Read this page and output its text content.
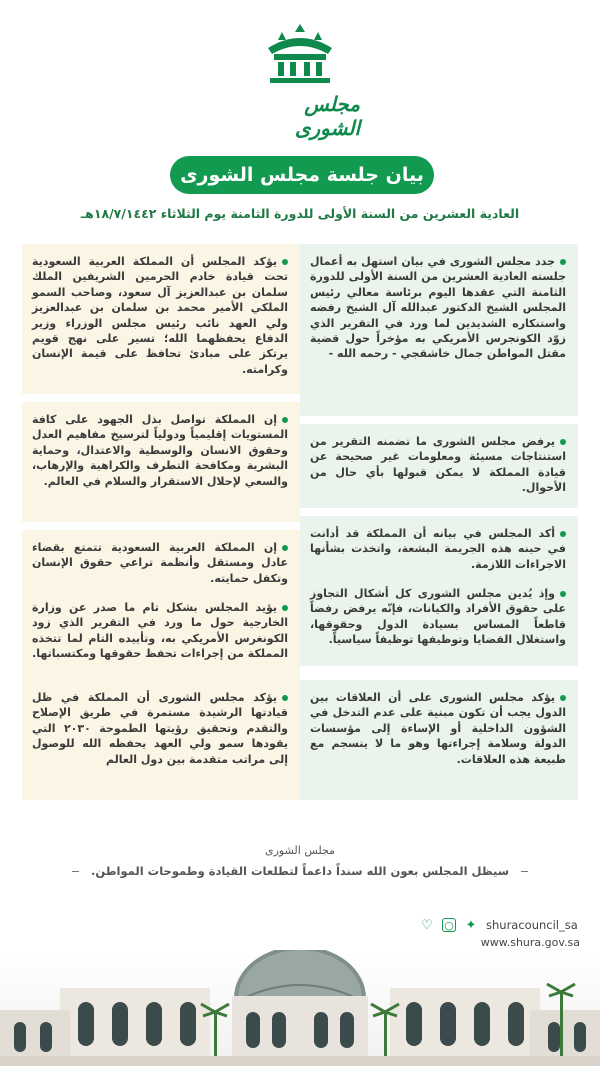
مجلس الشورى
بيان جلسة مجلس الشورى
العادية العشرين من السنة الأولى للدورة الثامنة يوم الثلاثاء ١٨/٧/١٤٤٢هـ
جدد مجلس الشورى في بيان استهل به أعمال جلسته العادية العشرين من السنة الأولى للدورة الثامنة التي عقدها اليوم برئاسة معالي رئيس المجلس الشيخ الدكتور عبدالله آل الشيخ رفضه واستنكاره الشديدين لما ورد في التقرير الذي زوّد الكونجرس الأمريكي به مؤخراً حول قضية مقتل المواطن جمال خاشقجي - رحمه الله -
يرفض مجلس الشورى ما تضمنه التقرير من استنتاجات مسيئة ومعلومات غير صحيحة عن قيادة المملكة لا يمكن قبولها بأي حال من الأحوال.
أكد المجلس في بيانه أن المملكة قد أدانت في حينه هذه الجريمة البشعة، واتخذت بشأنها الاجراءات اللازمة.
وإذ يُدين مجلس الشورى كل أشكال التجاوز على حقوق الأفراد والكيانات، فإنّه يرفض رفضاً قاطعاً المساس بسيادة الدول وحقوقها، واستغلال القضايا وتوظيفها توظيفاً سياسياً.
يؤكد مجلس الشورى على أن العلاقات بين الدول يجب أن تكون مبنية على عدم التدخل في الشؤون الداخلية أو الإساءة إلى مؤسسات الدولة وسلامة إجراءتها وهو ما لا ينسجم مع طبيعة هذه العلاقات.
يؤكد المجلس أن المملكة العربية السعودية تحت قيادة خادم الحرمين الشريفين الملك سلمان بن عبدالعزيز آل سعود، وصاحب السمو الملكي الأمير محمد بن سلمان بن عبدالعزيز ولي العهد نائب رئيس مجلس الوزراء وزير الدفاع يحفظهما الله؛ تسير على نهج قويم يرتكز على مبادئ تحافظ على قيمة الإنسان وكرامته.
إن المملكة تواصل بذل الجهود على كافة المستويات إقليمياً ودولياً لترسيخ مفاهيم العدل وحقوق الانسان والوسطية والاعتدال، وحماية البشرية ومكافحة التطرف والكراهية والإرهاب، والسعي لإحلال الاستقرار والسلام في العالم.
إن المملكة العربية السعودية تتمتع بقضاء عادل ومستقل وأنظمة تراعي حقوق الإنسان وتكفل حمايته.
يؤيد المجلس بشكل تام ما صدر عن وزارة الخارجية حول ما ورد في التقرير الذي زود الكونغرس الأمريكي به، وتأييده التام لما تتخذه المملكة من إجراءات تحفظ حقوقها ومكتسباتها.
يؤكد مجلس الشورى أن المملكة في ظل قيادتها الرشيدة مستمرة في طريق الإصلاح والتقدم وتحقيق رؤيتها الطموحة ٢٠٣٠ التي يقودها سمو ولي العهد يحفظه الله للوصول إلى مراتب متقدمة بين دول العالم
مجلس الشورى
سيظل المجلس بعون الله سنداً داعماً لتطلعات القيادة وطموحات المواطن.
♡ ○ ✦ shuracouncil_sa
www.shura.gov.sa
